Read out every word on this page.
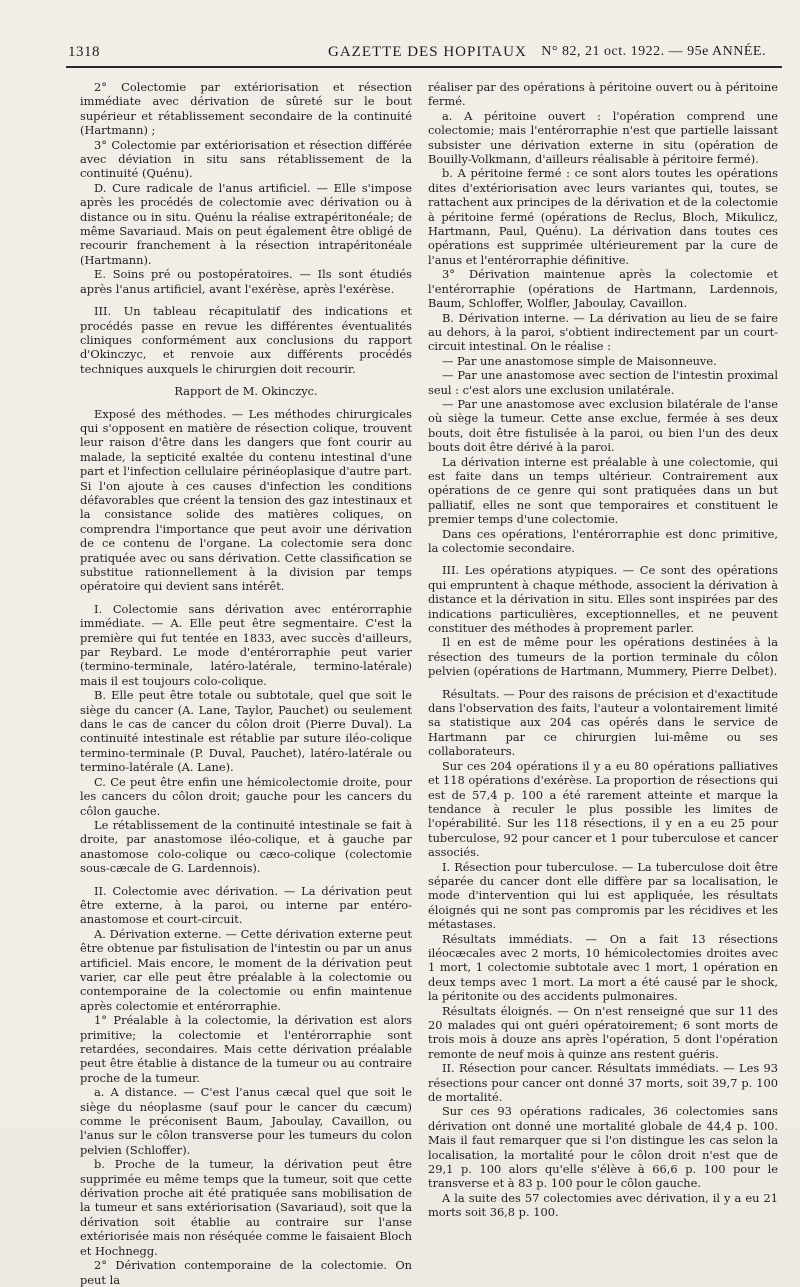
1318	GAZETTE DES HOPITAUX N° 82, 21 oct. 1922. — 95e ANNÉE.

2° Colectomie par extériorisation et résection immédiate avec dérivation de sûreté sur le bout supérieur et rétablissement secondaire de la continuité (Hartmann) ;

3° Colectomie par extériorisation et résection différée avec déviation in situ sans rétablissement de la continuité (Quénu).

D. Cure radicale de l'anus artificiel. — Elle s'impose après les procédés de colectomie avec dérivation ou à distance ou in situ. Quénu la réalise extrapéritonéale; de même Savariaud. Mais on peut également être obligé de recourir franchement à la résection intrapéritonéale (Hartmann).

E. Soins pré ou postopératoires. — Ils sont étudiés après l'anus artificiel, avant l'exérèse, après l'exérèse.

III. Un tableau récapitulatif des indications et procédés passe en revue les différentes éventualités cliniques conformément aux conclusions du rapport d'Okinczyc, et renvoie aux différents procédés techniques auxquels le chirurgien doit recourir.

Rapport de M. Okinczyc.

Exposé des méthodes. — Les méthodes chirurgicales qui s'opposent en matière de résection colique, trouvent leur raison d'être dans les dangers que font courir au malade, la septicité exaltée du contenu intestinal d'une part et l'infection cellulaire périnéoplasique d'autre part. Si l'on ajoute à ces causes d'infection les conditions défavorables que créent la tension des gaz intestinaux et la consistance solide des matières coliques, on comprendra l'importance que peut avoir une dérivation de ce contenu de l'organe. La colectomie sera donc pratiquée avec ou sans dérivation. Cette classification se substitue rationnellement à la division par temps opératoire qui devient sans intérêt.

I. Colectomie sans dérivation avec entérorraphie immédiate. — A. Elle peut être segmentaire. C'est la première qui fut tentée en 1833, avec succès d'ailleurs, par Reybard. Le mode d'entérorraphie peut varier (termino-terminale, latéro-latérale, termino-latérale) mais il est toujours colo-colique.

B. Elle peut être totale ou subtotale, quel que soit le siège du cancer (A. Lane, Taylor, Pauchet) ou seulement dans le cas de cancer du côlon droit (Pierre Duval). La continuité intestinale est rétablie par suture iléo-colique termino-terminale (P. Duval, Pauchet), latéro-latérale ou termino-latérale (A. Lane).

C. Ce peut être enfin une hémicolectomie droite, pour les cancers du côlon droit; gauche pour les cancers du côlon gauche.

Le rétablissement de la continuité intestinale se fait à droite, par anastomose iléo-colique, et à gauche par anastomose colo-colique ou cæco-colique (colectomie sous-cæcale de G. Lardennois).

II. Colectomie avec dérivation. — La dérivation peut être externe, à la paroi, ou interne par entéro-anastomose et court-circuit.

A. Dérivation externe. — Cette dérivation externe peut être obtenue par fistulisation de l'intestin ou par un anus artificiel. Mais encore, le moment de la dérivation peut varier, car elle peut être préalable à la colectomie ou contemporaine de la colectomie ou enfin maintenue après colectomie et entérorraphie.

1° Préalable à la colectomie, la dérivation est alors primitive; la colectomie et l'entérorraphie sont retardées, secondaires. Mais cette dérivation préalable peut être établie à distance de la tumeur ou au contraire proche de la tumeur.

a. A distance. — C'est l'anus cæcal quel que soit le siège du néoplasme (sauf pour le cancer du cæcum) comme le préconisent Baum, Jaboulay, Cavaillon, ou l'anus sur le côlon transverse pour les tumeurs du colon pelvien (Schloffer).

b. Proche de la tumeur, la dérivation peut être supprimée eu même temps que la tumeur, soit que cette dérivation proche ait été pratiquée sans mobilisation de la tumeur et sans extériorisation (Savariaud), soit que la dérivation soit établie au contraire sur l'anse extériorisée mais non réséquée comme le faisaient Bloch et Hochnegg.

2° Dérivation contemporaine de la colectomie. On peut la

réaliser par des opérations à péritoine ouvert ou à péritoine fermé.

a. A péritoine ouvert : l'opération comprend une colectomie; mais l'entérorraphie n'est que partielle laissant subsister une dérivation externe in situ (opération de Bouilly-Volkmann, d'ailleurs réalisable à péritoire fermé).

b. A péritoine fermé : ce sont alors toutes les opérations dites d'extériorisation avec leurs variantes qui, toutes, se rattachent aux principes de la dérivation et de la colectomie à péritoine fermé (opérations de Reclus, Bloch, Mikulicz, Hartmann, Paul, Quénu). La dérivation dans toutes ces opérations est supprimée ultérieurement par la cure de l'anus et l'entérorraphie définitive.

3° Dérivation maintenue après la colectomie et l'entérorraphie (opérations de Hartmann, Lardennois, Baum, Schloffer, Wolfler, Jaboulay, Cavaillon.

B. Dérivation interne. — La dérivation au lieu de se faire au dehors, à la paroi, s'obtient indirectement par un court-circuit intestinal. On le réalise :

— Par une anastomose simple de Maisonneuve.

— Par une anastomose avec section de l'intestin proximal seul : c'est alors une exclusion unilatérale.

— Par une anastomose avec exclusion bilatérale de l'anse où siège la tumeur. Cette anse exclue, fermée à ses deux bouts, doit être fistulisée à la paroi, ou bien l'un des deux bouts doit être dérivé à la paroi.

La dérivation interne est préalable à une colectomie, qui est faite dans un temps ultérieur. Contrairement aux opérations de ce genre qui sont pratiquées dans un but palliatif, elles ne sont que temporaires et constituent le premier temps d'une colectomie.

Dans ces opérations, l'entérorraphie est donc primitive, la colectomie secondaire.

III. Les opérations atypiques. — Ce sont des opérations qui empruntent à chaque méthode, associent la dérivation à distance et la dérivation in situ. Elles sont inspirées par des indications particulières, exceptionnelles, et ne peuvent constituer des méthodes à proprement parler.

Il en est de même pour les opérations destinées à la résection des tumeurs de la portion terminale du côlon pelvien (opérations de Hartmann, Mummery, Pierre Delbet).

Résultats. — Pour des raisons de précision et d'exactitude dans l'observation des faits, l'auteur a volontairement limité sa statistique aux 204 cas opérés dans le service de Hartmann par ce chirurgien lui-même ou ses collaborateurs.

Sur ces 204 opérations il y a eu 80 opérations palliatives et 118 opérations d'exérèse. La proportion de résections qui est de 57,4 p. 100 a été rarement atteinte et marque la tendance à reculer le plus possible les limites de l'opérabilité. Sur les 118 résections, il y en a eu 25 pour tuberculose, 92 pour cancer et 1 pour tuberculose et cancer associés.

I. Résection pour tuberculose. — La tuberculose doit être séparée du cancer dont elle diffère par sa localisation, le mode d'intervention qui lui est appliquée, les résultats éloignés qui ne sont pas compromis par les récidives et les métastases.

Résultats immédiats. — On a fait 13 résections iléocæcales avec 2 morts, 10 hémicolectomies droites avec 1 mort, 1 colectomie subtotale avec 1 mort, 1 opération en deux temps avec 1 mort. La mort a été causé par le shock, la péritonite ou des accidents pulmonaires.

Résultats éloignés. — On n'est renseigné que sur 11 des 20 malades qui ont guéri opératoirement; 6 sont morts de trois mois à douze ans après l'opération, 5 dont l'opération remonte de neuf mois à quinze ans restent guéris.

II. Résection pour cancer. Résultats immédiats. — Les 93 résections pour cancer ont donné 37 morts, soit 39,7 p. 100 de mortalité.

Sur ces 93 opérations radicales, 36 colectomies sans dérivation ont donné une mortalité globale de 44,4 p. 100. Mais il faut remarquer que si l'on distingue les cas selon la localisation, la mortalité pour le côlon droit n'est que de 29,1 p. 100 alors qu'elle s'élève à 66,6 p. 100 pour le transverse et à 83 p. 100 pour le côlon gauche.

A la suite des 57 colectomies avec dérivation, il y a eu 21 morts soit 36,8 p. 100.
